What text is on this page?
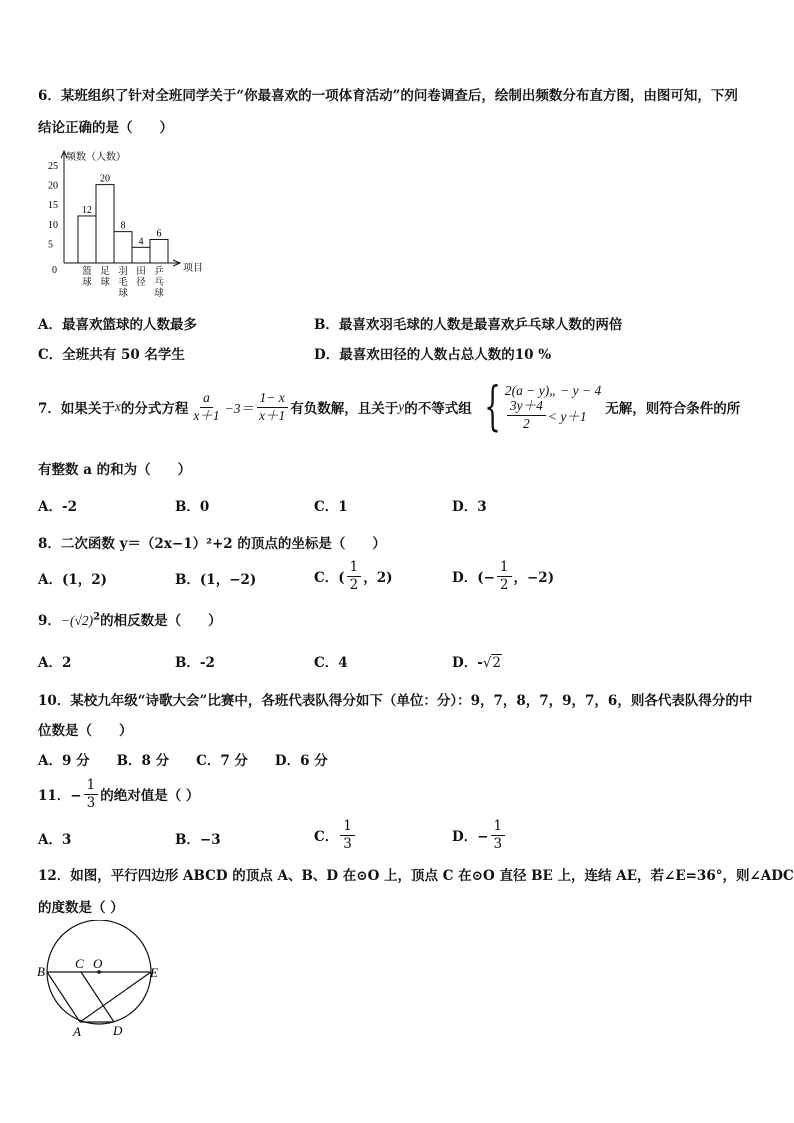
6．某班组织了针对全班同学关于“你最喜欢的一项体育活动”的问卷调查后，绘制出频数分布直方图，由图可知，下列
结论正确的是（　　）
频数（人数）
项目
0
5
10
15
20
25
12
篮
球
20
足
球
8
羽
毛
球
4
田
径
6
乒
乓
球
A．最喜欢篮球的人数最多	B．最喜欢羽毛球的人数是最喜欢乒乓球人数的两倍
C．全班共有 50 名学生	D．最喜欢田径的人数占总人数的10 %
7．如果关于 x 的分式方程 $\frac{a}{x+1} -3= \frac{1- x}{x+1}$ 有负数解，且关于 y 的不等式组 { 2(a − y)„ − y − 4
$\frac{3y+4}{2} < y+1$ 无解，则符合条件的所
有整数 a 的和为（　　）
A．-2	B．0	C．1	D．3
8．二次函数 y＝（2x−1）²+2 的顶点的坐标是（　　）
A．(1，2)	B．(1，−2)	C．( $\frac{1}{2}$ ，2)	D．(− $\frac{1}{2}$ ，−2)
9．$-(√2)^2$的相反数是（　　）
A．2	B．-2	C．4	D．-√2
10．某校九年级“诗歌大会”比赛中，各班代表队得分如下（单位：分）：9，7，8，7，9，7，6，则各代表队得分的中
位数是（　　）
A．9 分　　B．8 分　　C．7 分　　D．6 分
11．− $\frac{1}{3}$ 的绝对值是（ ）
A．3	B．−3	C． $\frac{1}{3}$	D．− $\frac{1}{3}$
12．如图，平行四边形 ABCD 的顶点 A、B、D 在⊙O 上，顶点 C 在⊙O 直径 BE 上，连结 AE，若∠E=36°，则∠ADC
的度数是（ ）
B
C O
E
A D
